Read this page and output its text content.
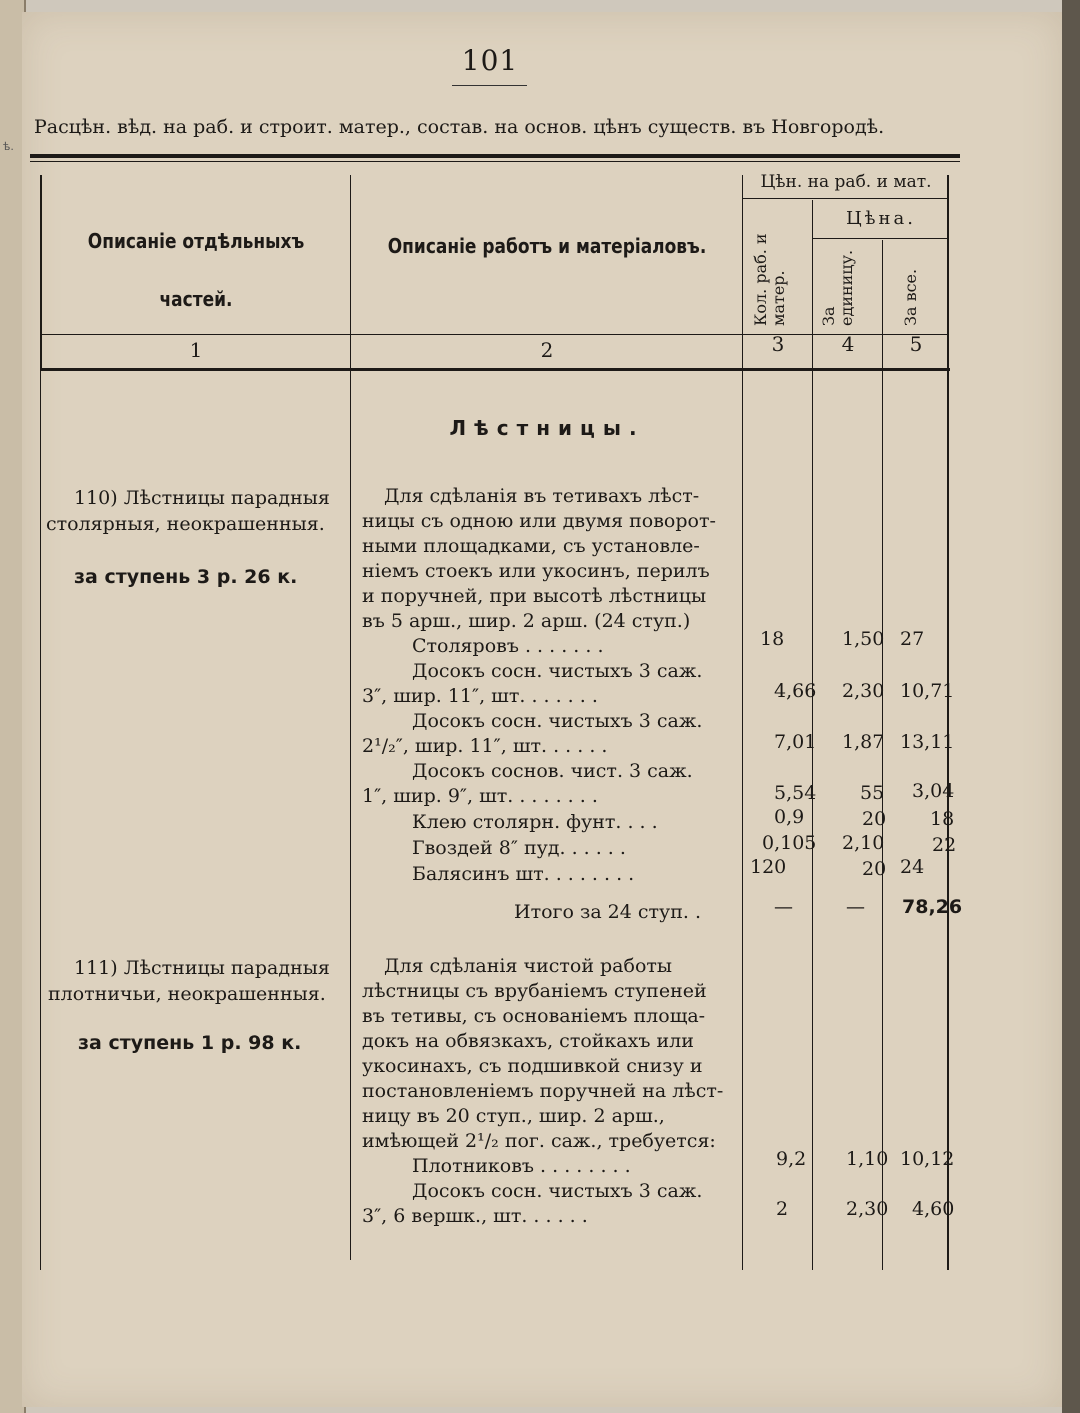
ѣ.
101
Расцѣн. вѣд. на раб. и строит. матер., состав. на основ. цѣнъ существ. въ Новгородѣ.
Описаніе отдѣльныхъ частей.
Описаніе работъ и матеріаловъ.
Цѣн. на раб. и мат.
Цѣна.
Кол. раб. и матер.	За единицу.	За все.
1	2	3	4	5
Лѣстницы.
110) Лѣстницы парадныя
столярныя, неокрашенныя.
за ступень 3 р. 26 к.
Для сдѣланія въ тетивахъ лѣст-
ницы съ одною или двумя поворот-
ными площадками, съ установле-
ніемъ стоекъ или укосинъ, перилъ
и поручней, при высотѣ лѣстницы
въ 5 арш., шир. 2 арш. (24 ступ.)
Столяровъ . . . . . . .	18	1,50 27
Досокъ сосн. чистыхъ 3 саж.
3″, шир. 11″, шт. . . . . . .	4,66 2,30 10,71
Досокъ сосн. чистыхъ 3 саж.
2¹/₂″, шир. 11″, шт. . . . . .	7,01 1,87 13,11
Досокъ соснов. чист. 3 саж.
1″, шир. 9″, шт. . . . . . . .	5,54 55 3,04
Клею столярн. фунт. . . .	0,9	20 18
Гвоздей 8″ пуд. . . . . .	0,105 2,10	22
Балясинъ шт. . . . . . . .	120	20 24
Итого за 24 ступ. .	—	— 78,26
111) Лѣстницы парадныя
плотничьи, неокрашенныя.
за ступень 1 р. 98 к.
Для сдѣланія чистой работы
лѣстницы съ врубаніемъ ступеней
въ тетивы, съ основаніемъ площа-
докъ на обвязкахъ, стойкахъ или
укосинахъ, съ подшивкой снизу и
постановленіемъ поручней на лѣст-
ницу въ 20 ступ., шир. 2 арш.,
имѣющей 2¹/₂ пог. саж., требуется:
Плотниковъ . . . . . . . .	9,2 1,10 10,12
Досокъ сосн. чистыхъ 3 саж.
3″, 6 вершк., шт. . . . . .	2	2,30 4,60
